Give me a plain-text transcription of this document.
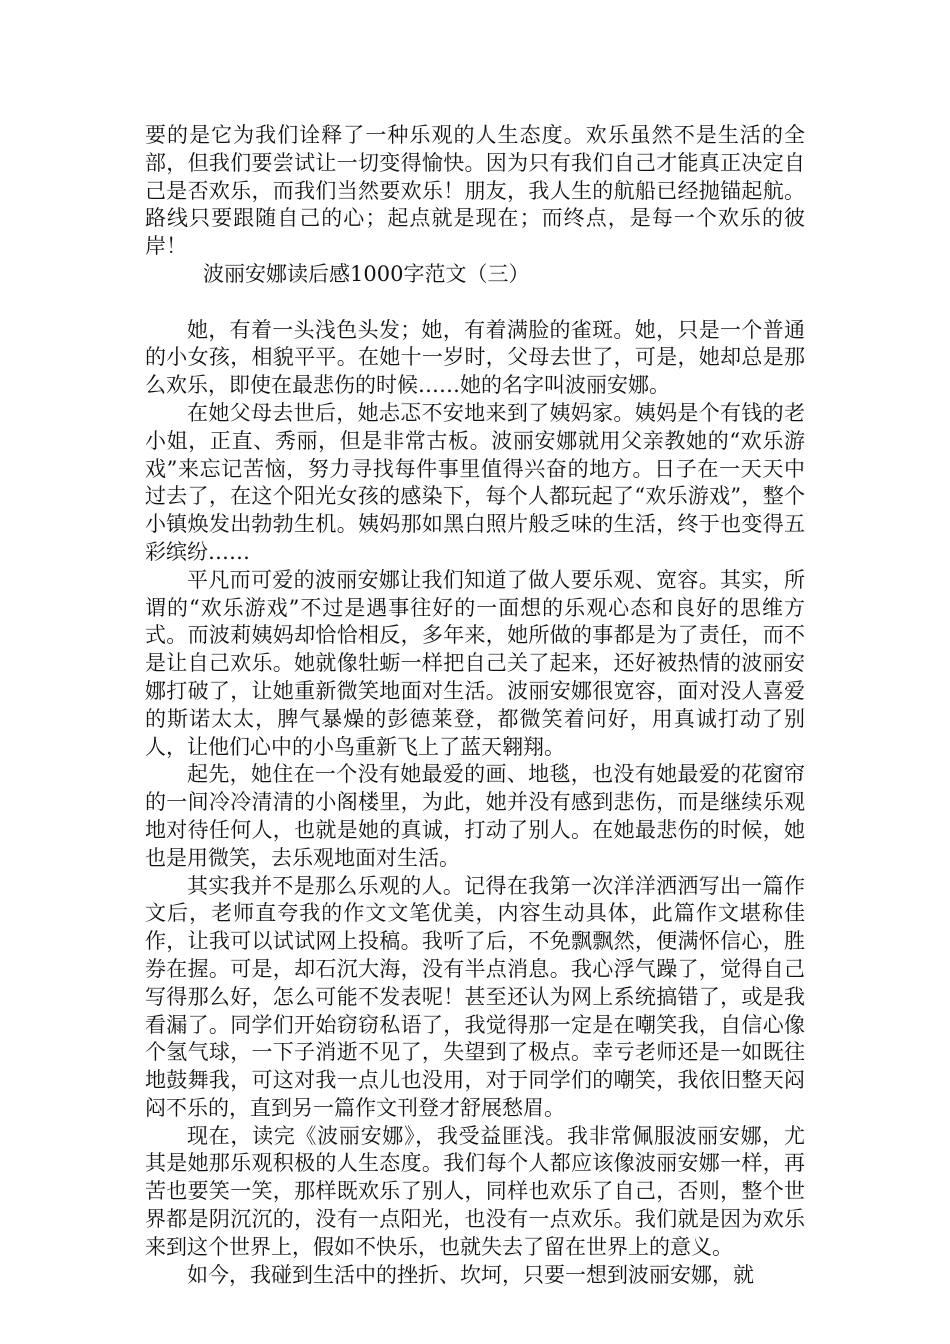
要的是它为我们诠释了一种乐观的人生态度。欢乐虽然不是生活的全部，但我们要尝试让一切变得愉快。因为只有我们自己才能真正决定自己是否欢乐，而我们当然要欢乐！朋友，我人生的航船已经抛锚起航。路线只要跟随自己的心；起点就是现在；而终点，是每一个欢乐的彼岸！

波丽安娜读后感1000字范文（三）

她，有着一头浅色头发；她，有着满脸的雀斑。她，只是一个普通的小女孩，相貌平平。在她十一岁时，父母去世了，可是，她却总是那么欢乐，即使在最悲伤的时候……她的名字叫波丽安娜。

在她父母去世后，她忐忑不安地来到了姨妈家。姨妈是个有钱的老小姐，正直、秀丽，但是非常古板。波丽安娜就用父亲教她的“欢乐游戏”来忘记苦恼，努力寻找每件事里值得兴奋的地方。日子在一天天中过去了，在这个阳光女孩的感染下，每个人都玩起了“欢乐游戏”，整个小镇焕发出勃勃生机。姨妈那如黑白照片般乏味的生活，终于也变得五彩缤纷……

平凡而可爱的波丽安娜让我们知道了做人要乐观、宽容。其实，所谓的“欢乐游戏”不过是遇事往好的一面想的乐观心态和良好的思维方式。而波莉姨妈却恰恰相反，多年来，她所做的事都是为了责任，而不是让自己欢乐。她就像牡蛎一样把自己关了起来，还好被热情的波丽安娜打破了，让她重新微笑地面对生活。波丽安娜很宽容，面对没人喜爱的斯诺太太，脾气暴燥的彭德莱登，都微笑着问好，用真诚打动了别人，让他们心中的小鸟重新飞上了蓝天翱翔。

起先，她住在一个没有她最爱的画、地毯，也没有她最爱的花窗帘的一间冷冷清清的小阁楼里，为此，她并没有感到悲伤，而是继续乐观地对待任何人，也就是她的真诚，打动了别人。在她最悲伤的时候，她也是用微笑，去乐观地面对生活。

其实我并不是那么乐观的人。记得在我第一次洋洋洒洒写出一篇作文后，老师直夸我的作文文笔优美，内容生动具体，此篇作文堪称佳作，让我可以试试网上投稿。我听了后，不免飘飘然，便满怀信心，胜券在握。可是，却石沉大海，没有半点消息。我心浮气躁了，觉得自己写得那么好，怎么可能不发表呢！甚至还认为网上系统搞错了，或是我看漏了。同学们开始窃窃私语了，我觉得那一定是在嘲笑我，自信心像个氢气球，一下子消逝不见了，失望到了极点。幸亏老师还是一如既往地鼓舞我，可这对我一点儿也没用，对于同学们的嘲笑，我依旧整天闷闷不乐的，直到另一篇作文刊登才舒展愁眉。

现在，读完《波丽安娜》，我受益匪浅。我非常佩服波丽安娜，尤其是她那乐观积极的人生态度。我们每个人都应该像波丽安娜一样，再苦也要笑一笑，那样既欢乐了别人，同样也欢乐了自己，否则，整个世界都是阴沉沉的，没有一点阳光，也没有一点欢乐。我们就是因为欢乐来到这个世界上，假如不快乐，也就失去了留在世界上的意义。

如今，我碰到生活中的挫折、坎坷，只要一想到波丽安娜，就
